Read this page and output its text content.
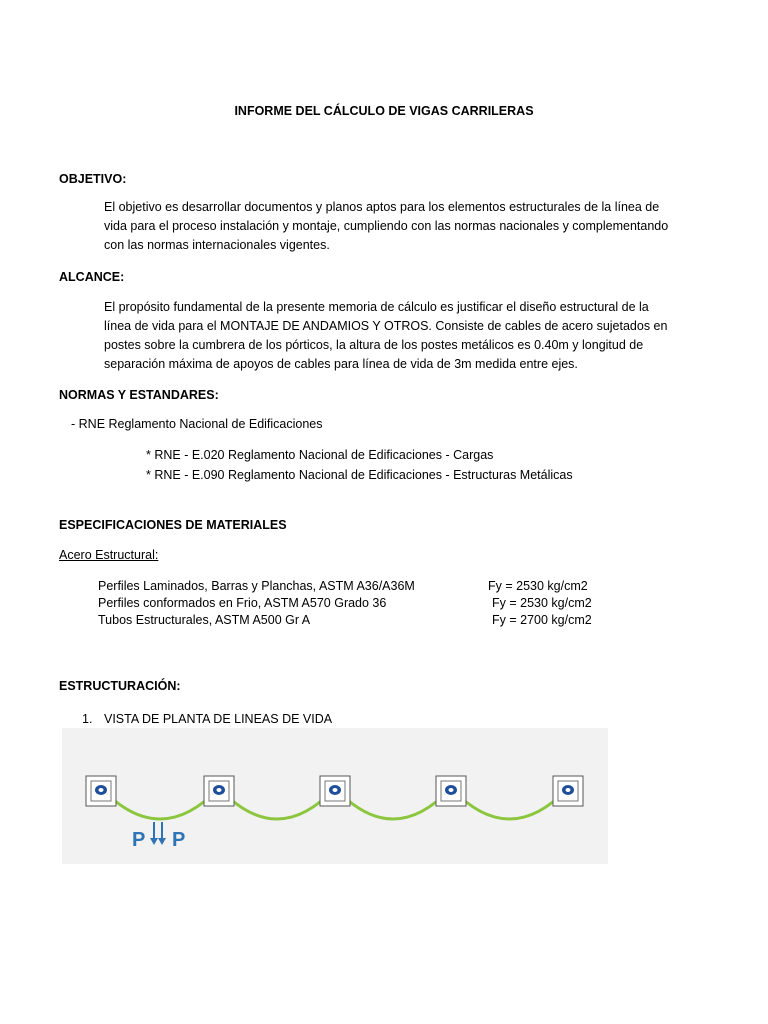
INFORME DEL CÁLCULO DE VIGAS CARRILERAS
OBJETIVO:
El objetivo es desarrollar documentos y planos aptos para los elementos estructurales de la línea de
vida para el proceso instalación y montaje, cumpliendo con las normas nacionales y complementando
con las normas internacionales vigentes.
ALCANCE:
El propósito fundamental de la presente memoria de cálculo es justificar el diseño estructural de la
línea de vida para el MONTAJE DE ANDAMIOS Y OTROS. Consiste de cables de acero sujetados en
postes sobre la cumbrera de los pórticos, la altura de los postes metálicos es 0.40m y longitud de
separación máxima de apoyos de cables para línea de vida de 3m medida entre ejes.
NORMAS Y ESTANDARES:
- RNE Reglamento Nacional de Edificaciones
* RNE - E.020 Reglamento Nacional de Edificaciones - Cargas
* RNE - E.090 Reglamento Nacional de Edificaciones - Estructuras Metálicas
ESPECIFICACIONES DE MATERIALES
Acero Estructural:
Perfiles Laminados, Barras y Planchas, ASTM A36/A36M	Fy = 2530 kg/cm2
Perfiles conformados en Frio, ASTM A570 Grado 36	Fy = 2530 kg/cm2
Tubos Estructurales, ASTM A500 Gr A	Fy = 2700 kg/cm2
ESTRUCTURACIÓN:
1. VISTA DE PLANTA DE LINEAS DE VIDA
P P
